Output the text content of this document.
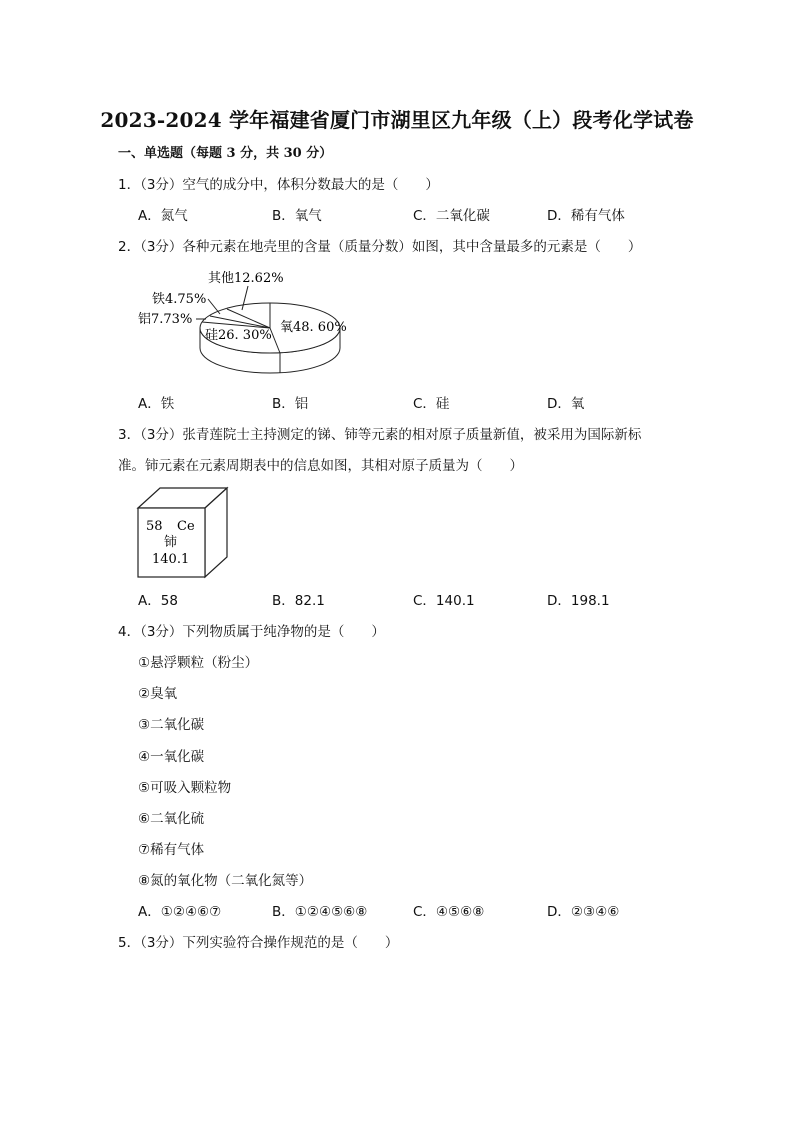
2023-2024 学年福建省厦门市湖里区九年级（上）段考化学试卷
一、单选题（每题 3 分，共 30 分）
1．（3分）空气的成分中，体积分数最大的是（　　）
A．氮气	B．氧气	C．二氧化碳	D．稀有气体
2．（3分）各种元素在地壳里的含量（质量分数）如图，其中含量最多的元素是（　　）
其他12.62%
铁4.75%
铝7.73%
硅26. 30%
氧48. 60%
A．铁	B．铝	C．硅	D．氧
3．（3分）张青莲院士主持测定的锑、铈等元素的相对原子质量新值，被采用为国际新标
准。铈元素在元素周期表中的信息如图，其相对原子质量为（　　）
58 Ce
铈
140.1
A．58	B．82.1	C．140.1	D．198.1
4．（3分）下列物质属于纯净物的是（　　）
①悬浮颗粒（粉尘）
②臭氧
③二氧化碳
④一氧化碳
⑤可吸入颗粒物
⑥二氧化硫
⑦稀有气体
⑧氮的氧化物（二氧化氮等）
A．①②④⑥⑦	B．①②④⑤⑥⑧	C．④⑤⑥⑧	D．②③④⑥
5．（3分）下列实验符合操作规范的是（　　）
